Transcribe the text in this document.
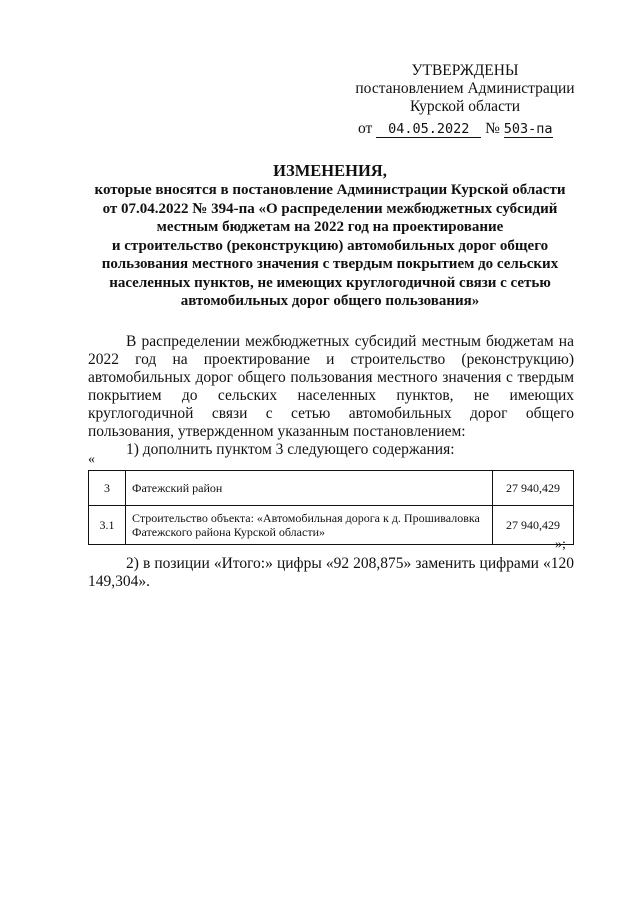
УТВЕРЖДЕНЫ
постановлением Администрации
Курской области
от 04.05.2022 № 503-па
ИЗМЕНЕНИЯ,
которые вносятся в постановление Администрации Курской области
от 07.04.2022 № 394-па «О распределении межбюджетных субсидий
местным бюджетам на 2022 год на проектирование
и строительство (реконструкцию) автомобильных дорог общего
пользования местного значения с твердым покрытием до сельских
населенных пунктов, не имеющих круглогодичной связи с сетью
автомобильных дорог общего пользования»

В распределении межбюджетных субсидий местным бюджетам на 2022 год на проектирование и строительство (реконструкцию) автомобильных дорог общего пользования местного значения с твердым покрытием до сельских населенных пунктов, не имеющих круглогодичной связи с сетью автомобильных дорог общего пользования, утвержденном указанным постановлением:

1) дополнить пунктом 3 следующего содержания:

«
3	Фатежский район	27 940,429
3.1	Строительство объекта: «Автомобильная дорога к д. Прошиваловка Фатежского района Курской области»	27 940,429
»;

2) в позиции «Итого:» цифры «92 208,875» заменить цифрами «120 149,304».
